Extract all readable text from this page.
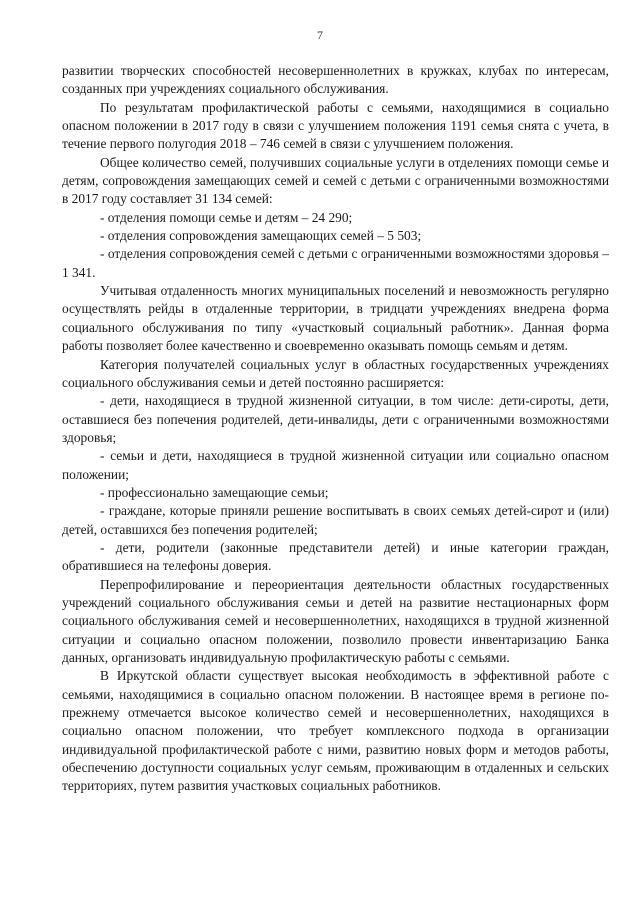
7

развитии творческих способностей несовершеннолетних в кружках, клубах по интересам, созданных при учреждениях социального обслуживания.

По результатам профилактической работы с семьями, находящимися в социально опасном положении в 2017 году в связи с улучшением положения 1191 семья снята с учета, в течение первого полугодия 2018 – 746 семей в связи с улучшением положения.

Общее количество семей, получивших социальные услуги в отделениях помощи семье и детям, сопровождения замещающих семей и семей с детьми с ограниченными возможностями в 2017 году составляет 31 134 семей:

- отделения помощи семье и детям – 24 290;

- отделения сопровождения замещающих семей – 5 503;

- отделения сопровождения семей с детьми с ограниченными возможностями здоровья – 1 341.

Учитывая отдаленность многих муниципальных поселений и невозможность регулярно осуществлять рейды в отдаленные территории, в тридцати учреждениях внедрена форма социального обслуживания по типу «участковый социальный работник». Данная форма работы позволяет более качественно и своевременно оказывать помощь семьям и детям.

Категория получателей социальных услуг в областных государственных учреждениях социального обслуживания семьи и детей постоянно расширяется:

- дети, находящиеся в трудной жизненной ситуации, в том числе: дети-сироты, дети, оставшиеся без попечения родителей, дети-инвалиды, дети с ограниченными возможностями здоровья;

- семьи и дети, находящиеся в трудной жизненной ситуации или социально опасном положении;

- профессионально замещающие семьи;

- граждане, которые приняли решение воспитывать в своих семьях детей-сирот и (или) детей, оставшихся без попечения родителей;

- дети, родители (законные представители детей) и иные категории граждан, обратившиеся на телефоны доверия.

Перепрофилирование и переориентация деятельности областных государственных учреждений социального обслуживания семьи и детей на развитие нестационарных форм социального обслуживания семей и несовершеннолетних, находящихся в трудной жизненной ситуации и социально опасном положении, позволило провести инвентаризацию Банка данных, организовать индивидуальную профилактическую работы с семьями.

В Иркутской области существует высокая необходимость в эффективной работе с семьями, находящимися в социально опасном положении. В настоящее время в регионе по-прежнему отмечается высокое количество семей и несовершеннолетних, находящихся в социально опасном положении, что требует комплексного подхода в организации индивидуальной профилактической работе с ними, развитию новых форм и методов работы, обеспечению доступности социальных услуг семьям, проживающим в отдаленных и сельских территориях, путем развития участковых социальных работников.
